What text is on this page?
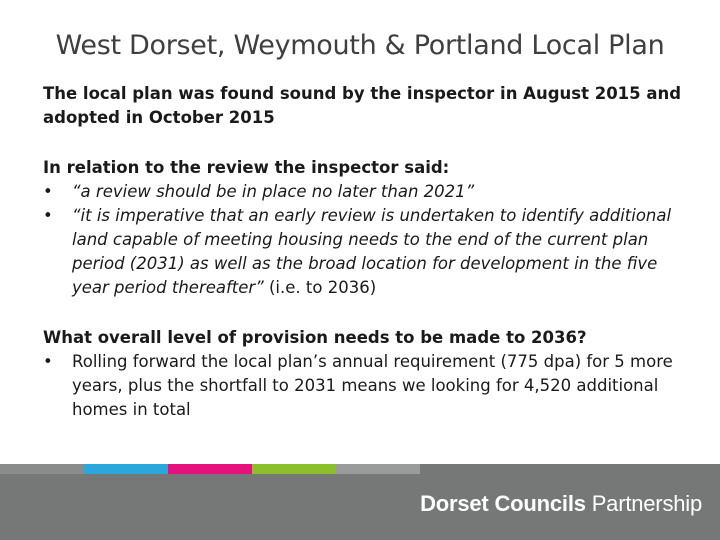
West Dorset, Weymouth & Portland Local Plan

The local plan was found sound by the inspector in August 2015 and adopted in October 2015

In relation to the review the inspector said:

•	“a review should be in place no later than 2021”

•	“it is imperative that an early review is undertaken to identify additional land capable of meeting housing needs to the end of the current plan period (2031) as well as the broad location for development in the five year period thereafter” (i.e. to 2036)

What overall level of provision needs to be made to 2036?

•	Rolling forward the local plan’s annual requirement (775 dpa) for 5 more years, plus the shortfall to 2031 means we looking for 4,520 additional homes in total

Dorset Councils Partnership
